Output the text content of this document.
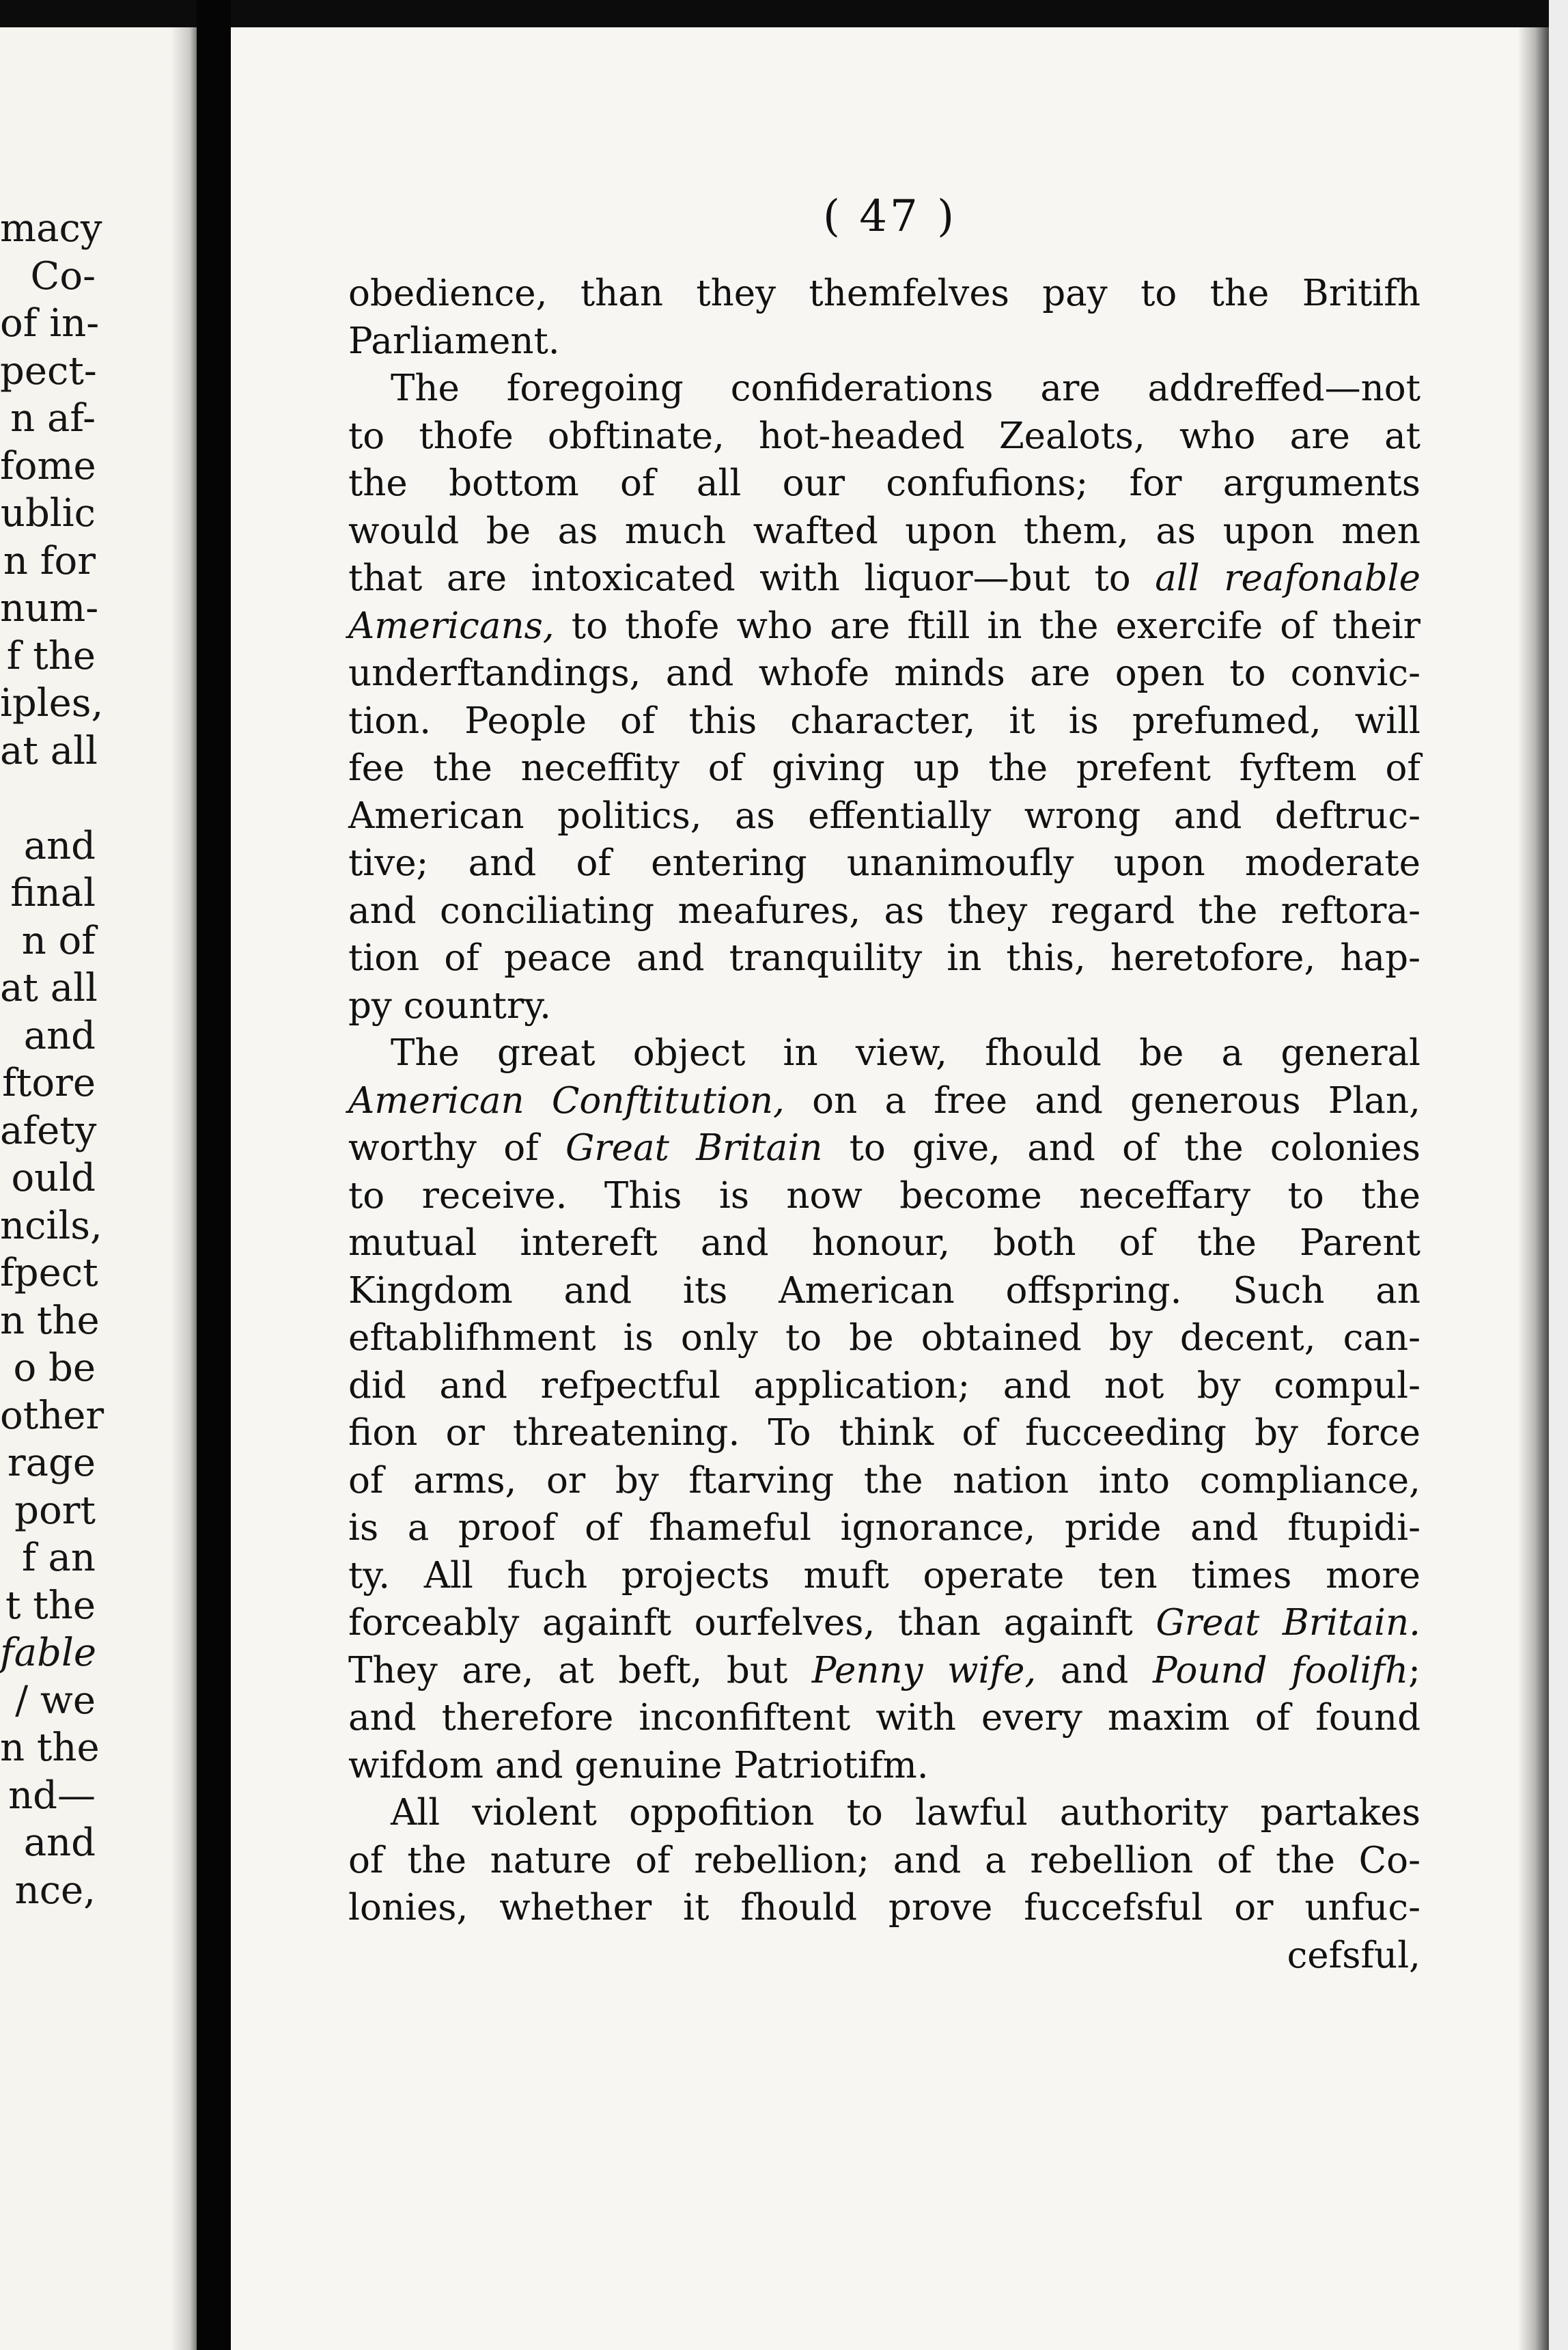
macy
Co-
of in-
pect-
n af-
fome
ublic
n for
num-
f the
iples,
at all
and
final
n of
at all
and
ftore
afety
ould
ncils,
fpect
n the
o be
other
rage
port
f an
t the
fable
/ we
n the
nd—
and
nce,

( 47 )

obedience, than they themfelves pay to the Britifh
Parliament.
The foregoing confiderations are addreffed—not
to thofe obftinate, hot-headed Zealots, who are at
the bottom of all our confufions; for arguments
would be as much wafted upon them, as upon men
that are intoxicated with liquor—but to all reafonable
Americans, to thofe who are ftill in the exercife of their
underftandings, and whofe minds are open to convic-
tion. People of this character, it is prefumed, will
fee the neceffity of giving up the prefent fyftem of
American politics, as effentially wrong and deftruc-
tive; and of entering unanimoufly upon moderate
and conciliating meafures, as they regard the reftora-
tion of peace and tranquility in this, heretofore, hap-
py country.
The great object in view, fhould be a general
American Conftitution, on a free and generous Plan,
worthy of Great Britain to give, and of the colonies
to receive. This is now become neceffary to the
mutual intereft and honour, both of the Parent
Kingdom and its American offspring. Such an
eftablifhment is only to be obtained by decent, can-
did and refpectful application; and not by compul-
fion or threatening. To think of fucceeding by force
of arms, or by ftarving the nation into compliance,
is a proof of fhameful ignorance, pride and ftupidi-
ty. All fuch projects muft operate ten times more
forceably againft ourfelves, than againft Great Britain.
They are, at beft, but Penny wife, and Pound foolifh;
and therefore inconfiftent with every maxim of found
wifdom and genuine Patriotifm.
All violent oppofition to lawful authority partakes
of the nature of rebellion; and a rebellion of the Co-
lonies, whether it fhould prove fuccefsful or unfuc-
cefsful,
